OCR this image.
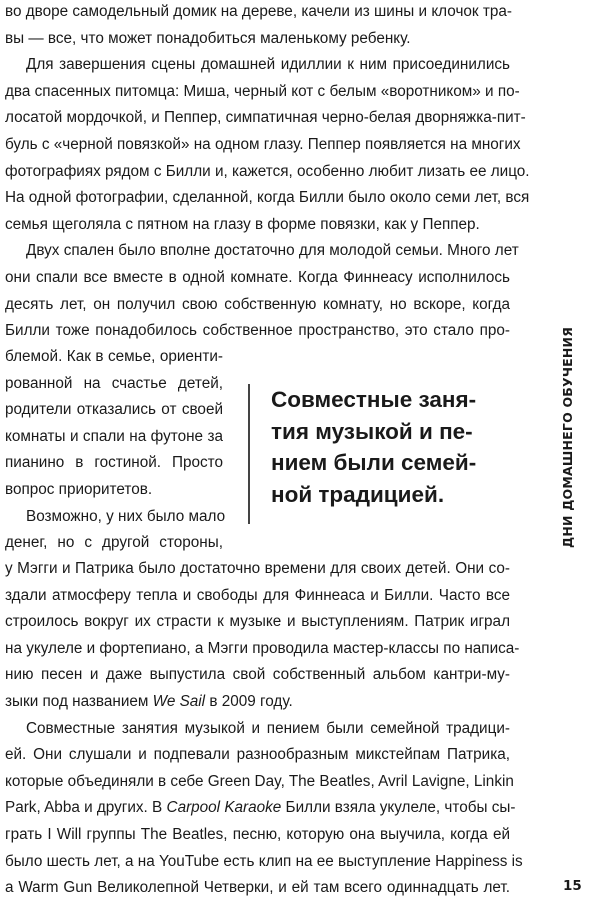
во дворе самодельный домик на дереве, качели из шины и клочок тра-
вы — все, что может понадобиться маленькому ребенку.
Для завершения сцены домашней идиллии к ним присоединились
два спасенных питомца: Миша, черный кот с белым «воротником» и по-
лосатой мордочкой, и Пеппер, симпатичная черно-белая дворняжка-пит-
буль с «черной повязкой» на одном глазу. Пеппер появляется на многих
фотографиях рядом с Билли и, кажется, особенно любит лизать ее лицо.
На одной фотографии, сделанной, когда Билли было около семи лет, вся
семья щеголяла с пятном на глазу в форме повязки, как у Пеппер.
Двух спален было вполне достаточно для молодой семьи. Много лет
они спали все вместе в одной комнате. Когда Финнеасу исполнилось
десять лет, он получил свою собственную комнату, но вскоре, когда
Билли тоже понадобилось собственное пространство, это стало про-
блемой. Как в семье, ориенти-
рованной на счастье детей,
родители отказались от своей
комнаты и спали на футоне за
пианино в гостиной. Просто
вопрос приоритетов.
Возможно, у них было мало
денег, но с другой стороны,
Совместные заня-
тия музыкой и пе-
нием были семей-
ной традицией.
у Мэгги и Патрика было достаточно времени для своих детей. Они со-
здали атмосферу тепла и свободы для Финнеаса и Билли. Часто все
строилось вокруг их страсти к музыке и выступлениям. Патрик играл
на укулеле и фортепиано, а Мэгги проводила мастер-классы по написа-
нию песен и даже выпустила свой собственный альбом кантри-му-
зыки под названием We Sail в 2009 году.
Совместные занятия музыкой и пением были семейной традици-
ей. Они слушали и подпевали разнообразным микстейпам Патрика,
которые объединяли в себе Green Day, The Beatles, Avril Lavigne, Linkin
Park, Abba и других. В Carpool Karaoke Билли взяла укулеле, чтобы сы-
грать I Will группы The Beatles, песню, которую она выучила, когда ей
было шесть лет, а на YouTube есть клип на ее выступление Happiness is
a Warm Gun Великолепной Четверки, и ей там всего одиннадцать лет.
ДНИ ДОМАШНЕГО ОБУЧЕНИЯ
15
